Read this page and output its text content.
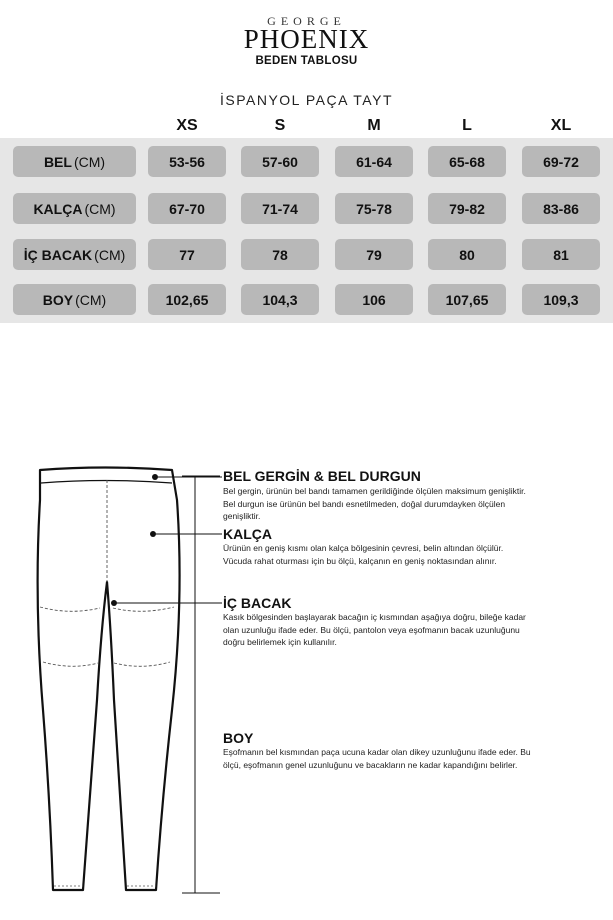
GEORGE
PHOENIX
BEDEN TABLOSU
İSPANYOL PAÇA TAYT
XS	S	M	L	XL
BEL (CM)	53-56	57-60	61-64	65-68	69-72
KALÇA (CM)	67-70	71-74	75-78	79-82	83-86
İÇ BACAK (CM)	77	78	79	80	81
BOY (CM)	102,65	104,3	106	107,65	109,3
BEL GERGİN & BEL DURGUN
Bel gergin, ürünün bel bandı tamamen gerildiğinde ölçülen maksimum genişliktir.
Bel durgun ise ürünün bel bandı esnetilmeden, doğal durumdayken ölçülen
genişliktir.
KALÇA
Ürünün en geniş kısmı olan kalça bölgesinin çevresi, belin altından ölçülür.
Vücuda rahat oturması için bu ölçü, kalçanın en geniş noktasından alınır.
İÇ BACAK
Kasık bölgesinden başlayarak bacağın iç kısmından aşağıya doğru, bileğe kadar
olan uzunluğu ifade eder. Bu ölçü, pantolon veya eşofmanın bacak uzunluğunu
doğru belirlemek için kullanılır.
BOY
Eşofmanın bel kısmından paça ucuna kadar olan dikey uzunluğunu ifade eder. Bu
ölçü, eşofmanın genel uzunluğunu ve bacakların ne kadar kapandığını belirler.
